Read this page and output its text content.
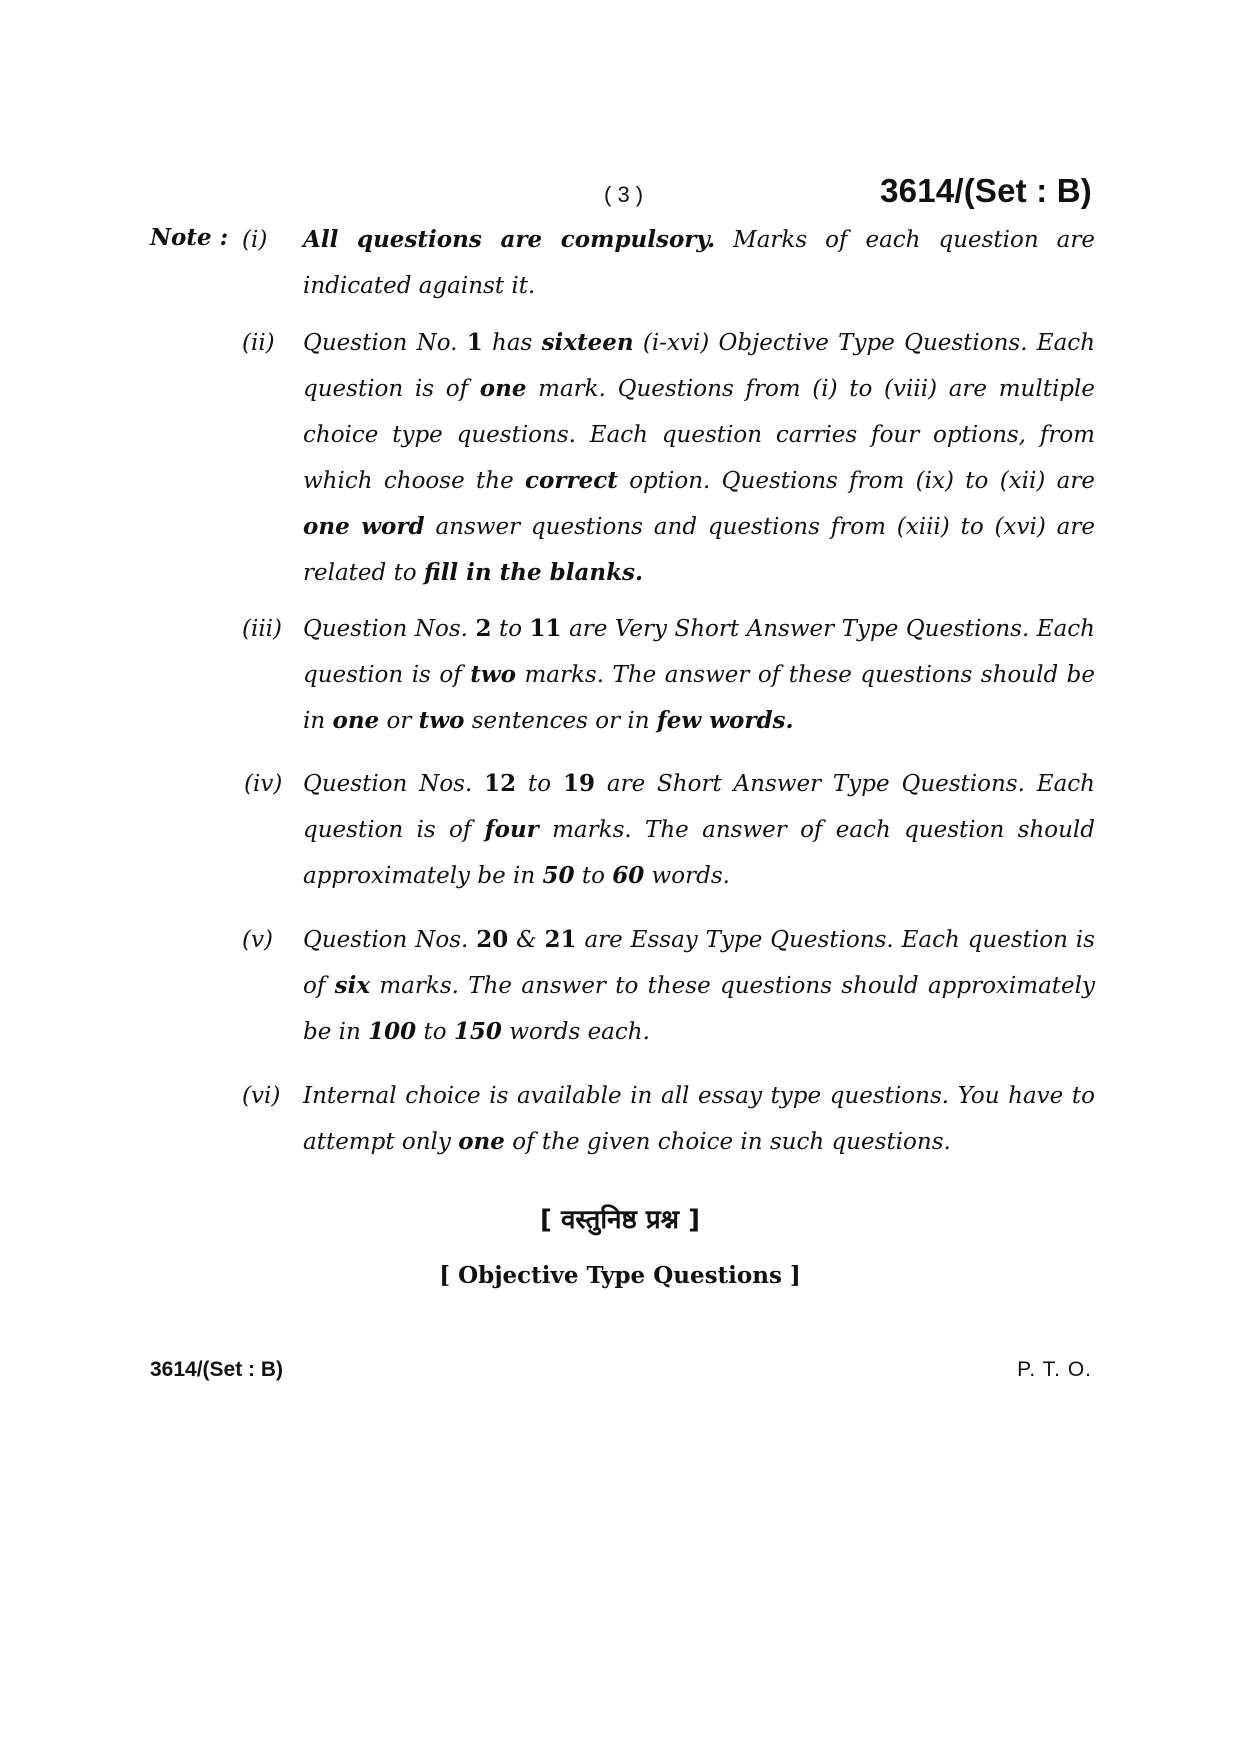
( 3 )	3614/(Set : B)
Note : (i)	All questions are compulsory. Marks of each question are indicated against it.
(ii)	Question No. 1 has sixteen (i-xvi) Objective Type Questions. Each question is of one mark. Questions from (i) to (viii) are multiple choice type questions. Each question carries four options, from which choose the correct option. Questions from (ix) to (xii) are one word answer questions and questions from (xiii) to (xvi) are related to fill in the blanks.
(iii) Question Nos. 2 to 11 are Very Short Answer Type Questions. Each question is of two marks. The answer of these questions should be in one or two sentences or in few words.
(iv) Question Nos. 12 to 19 are Short Answer Type Questions. Each question is of four marks. The answer of each question should approximately be in 50 to 60 words.
(v)	Question Nos. 20 & 21 are Essay Type Questions. Each question is of six marks. The answer to these questions should approximately be in 100 to 150 words each.
(vi) Internal choice is available in all essay type questions. You have to attempt only one of the given choice in such questions.
[ वस्तुनिष्ठ प्रश्न ]
[ Objective Type Questions ]
3614/(Set : B)	P. T. O.
